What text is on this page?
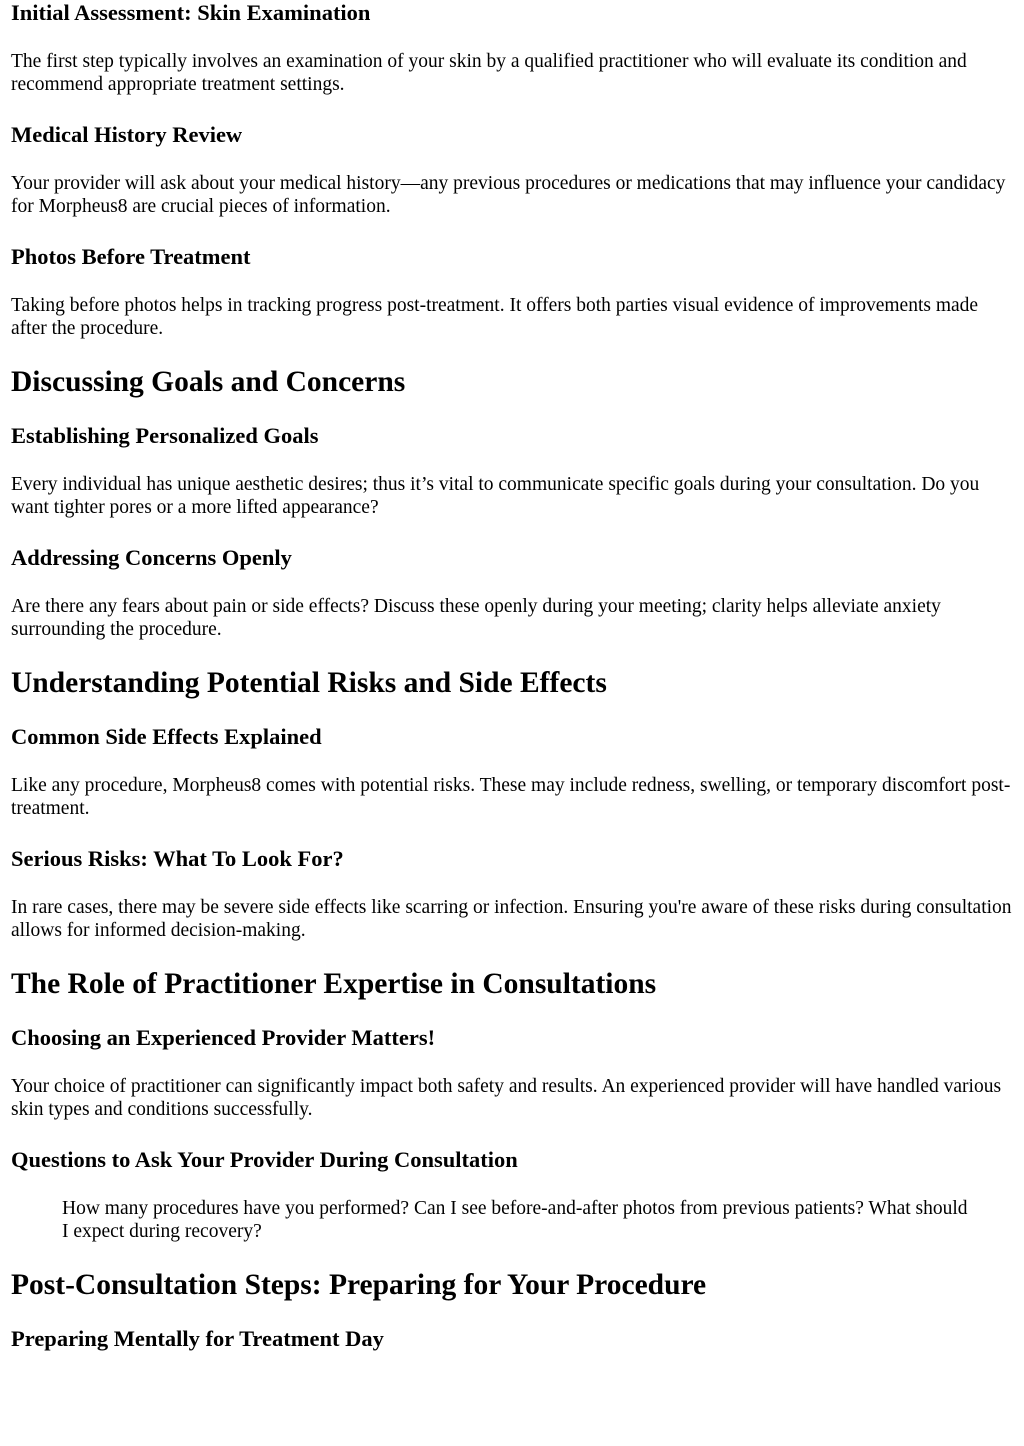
Initial Assessment: Skin Examination

The first step typically involves an examination of your skin by a qualified practitioner who will evaluate its condition and recommend appropriate treatment settings.

Medical History Review

Your provider will ask about your medical history—any previous procedures or medications that may influence your candidacy for Morpheus8 are crucial pieces of information.

Photos Before Treatment

Taking before photos helps in tracking progress post-treatment. It offers both parties visual evidence of improvements made after the procedure.

Discussing Goals and Concerns
Establishing Personalized Goals

Every individual has unique aesthetic desires; thus it’s vital to communicate specific goals during your consultation. Do you want tighter pores or a more lifted appearance?

Addressing Concerns Openly

Are there any fears about pain or side effects? Discuss these openly during your meeting; clarity helps alleviate anxiety surrounding the procedure.

Understanding Potential Risks and Side Effects
Common Side Effects Explained

Like any procedure, Morpheus8 comes with potential risks. These may include redness, swelling, or temporary discomfort post-treatment.

Serious Risks: What To Look For?

In rare cases, there may be severe side effects like scarring or infection. Ensuring you're aware of these risks during consultation allows for informed decision-making.

The Role of Practitioner Expertise in Consultations
Choosing an Experienced Provider Matters!

Your choice of practitioner can significantly impact both safety and results. An experienced provider will have handled various skin types and conditions successfully.

Questions to Ask Your Provider During Consultation
How many procedures have you performed? Can I see before-and-after photos from previous patients? What should I expect during recovery?
Post-Consultation Steps: Preparing for Your Procedure
Preparing Mentally for Treatment Day
